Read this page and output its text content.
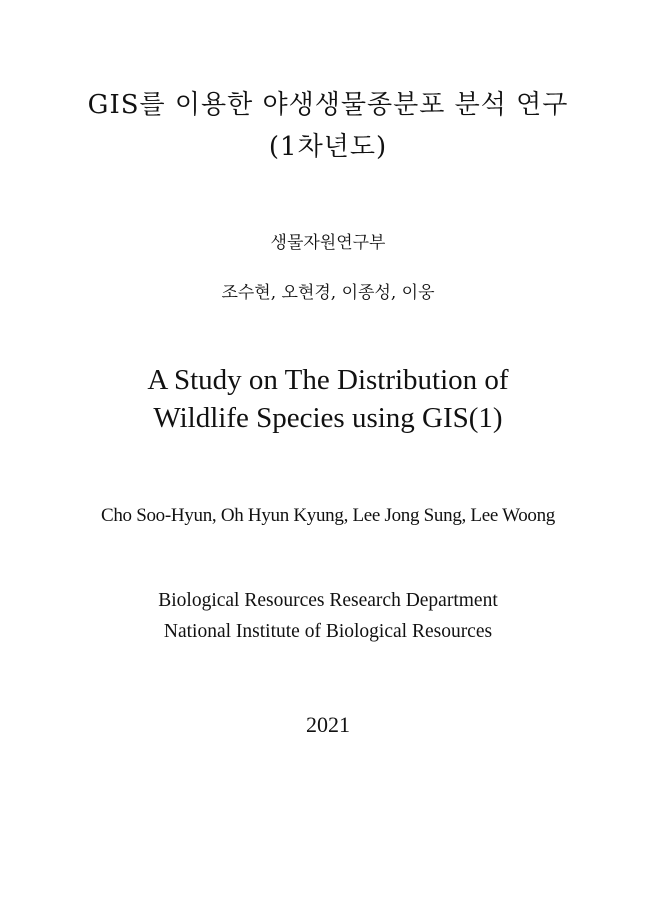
GIS를 이용한 야생생물종분포 분석 연구
(1차년도)
생물자원연구부
조수현, 오현경, 이종성, 이웅
A Study on The Distribution of
Wildlife Species using GIS(1)
Cho Soo-Hyun, Oh Hyun Kyung, Lee Jong Sung, Lee Woong
Biological Resources Research Department
National Institute of Biological Resources
2021
